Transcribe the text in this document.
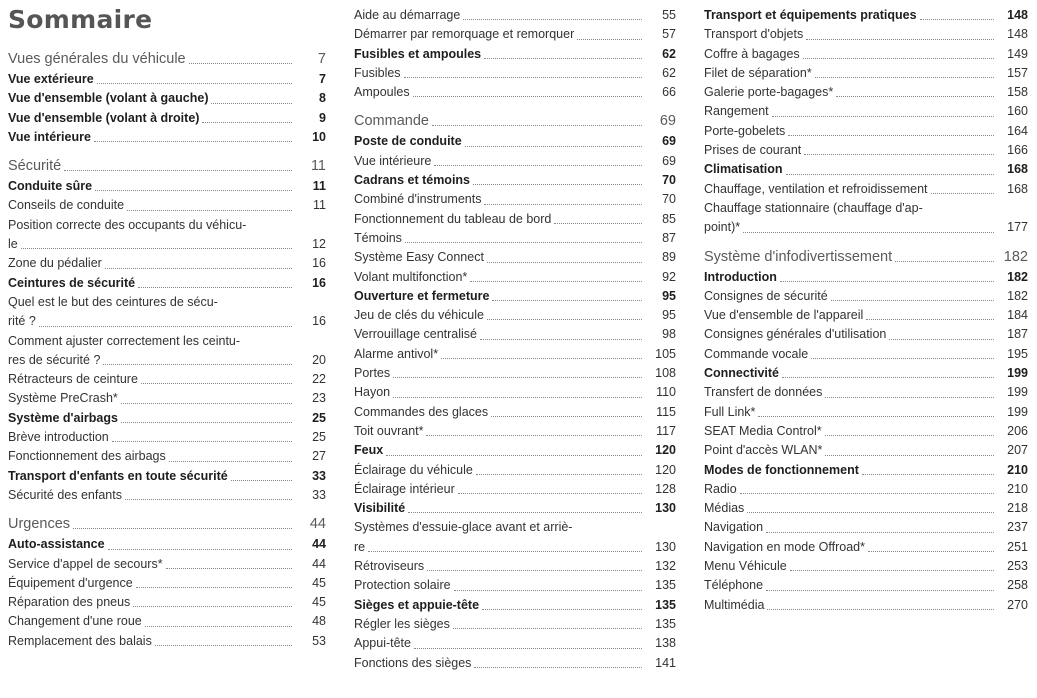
Sommaire
Vues générales du véhicule	7
Vue extérieure	7
Vue d'ensemble (volant à gauche)	8
Vue d'ensemble (volant à droite)	9
Vue intérieure	10
Sécurité	11
Conduite sûre	11
Conseils de conduite	11
Position correcte des occupants du véhicu-
le	12
Zone du pédalier	16
Ceintures de sécurité	16
Quel est le but des ceintures de sécu-
rité ?	16
Comment ajuster correctement les ceintu-
res de sécurité ?	20
Rétracteurs de ceinture	22
Système PreCrash*	23
Système d'airbags	25
Brève introduction	25
Fonctionnement des airbags	27
Transport d'enfants en toute sécurité	33
Sécurité des enfants	33
Urgences	44
Auto-assistance	44
Service d'appel de secours*	44
Équipement d'urgence	45
Réparation des pneus	45
Changement d'une roue	48
Remplacement des balais	53
Aide au démarrage	55
Démarrer par remorquage et remorquer	57
Fusibles et ampoules	62
Fusibles	62
Ampoules	66
Commande	69
Poste de conduite	69
Vue intérieure	69
Cadrans et témoins	70
Combiné d'instruments	70
Fonctionnement du tableau de bord	85
Témoins	87
Système Easy Connect	89
Volant multifonction*	92
Ouverture et fermeture	95
Jeu de clés du véhicule	95
Verrouillage centralisé	98
Alarme antivol*	105
Portes	108
Hayon	110
Commandes des glaces	115
Toit ouvrant*	117
Feux	120
Éclairage du véhicule	120
Éclairage intérieur	128
Visibilité	130
Systèmes d'essuie-glace avant et arriè-
re	130
Rétroviseurs	132
Protection solaire	135
Sièges et appuie-tête	135
Régler les sièges	135
Appui-tête	138
Fonctions des sièges	141
Transport et équipements pratiques	148
Transport d'objets	148
Coffre à bagages	149
Filet de séparation*	157
Galerie porte-bagages*	158
Rangement	160
Porte-gobelets	164
Prises de courant	166
Climatisation	168
Chauffage, ventilation et refroidissement	168
Chauffage stationnaire (chauffage d'ap-
point)*	177
Système d'infodivertissement	182
Introduction	182
Consignes de sécurité	182
Vue d'ensemble de l'appareil	184
Consignes générales d'utilisation	187
Commande vocale	195
Connectivité	199
Transfert de données	199
Full Link*	199
SEAT Media Control*	206
Point d'accès WLAN*	207
Modes de fonctionnement	210
Radio	210
Médias	218
Navigation	237
Navigation en mode Offroad*	251
Menu Véhicule	253
Téléphone	258
Multimédia	270
